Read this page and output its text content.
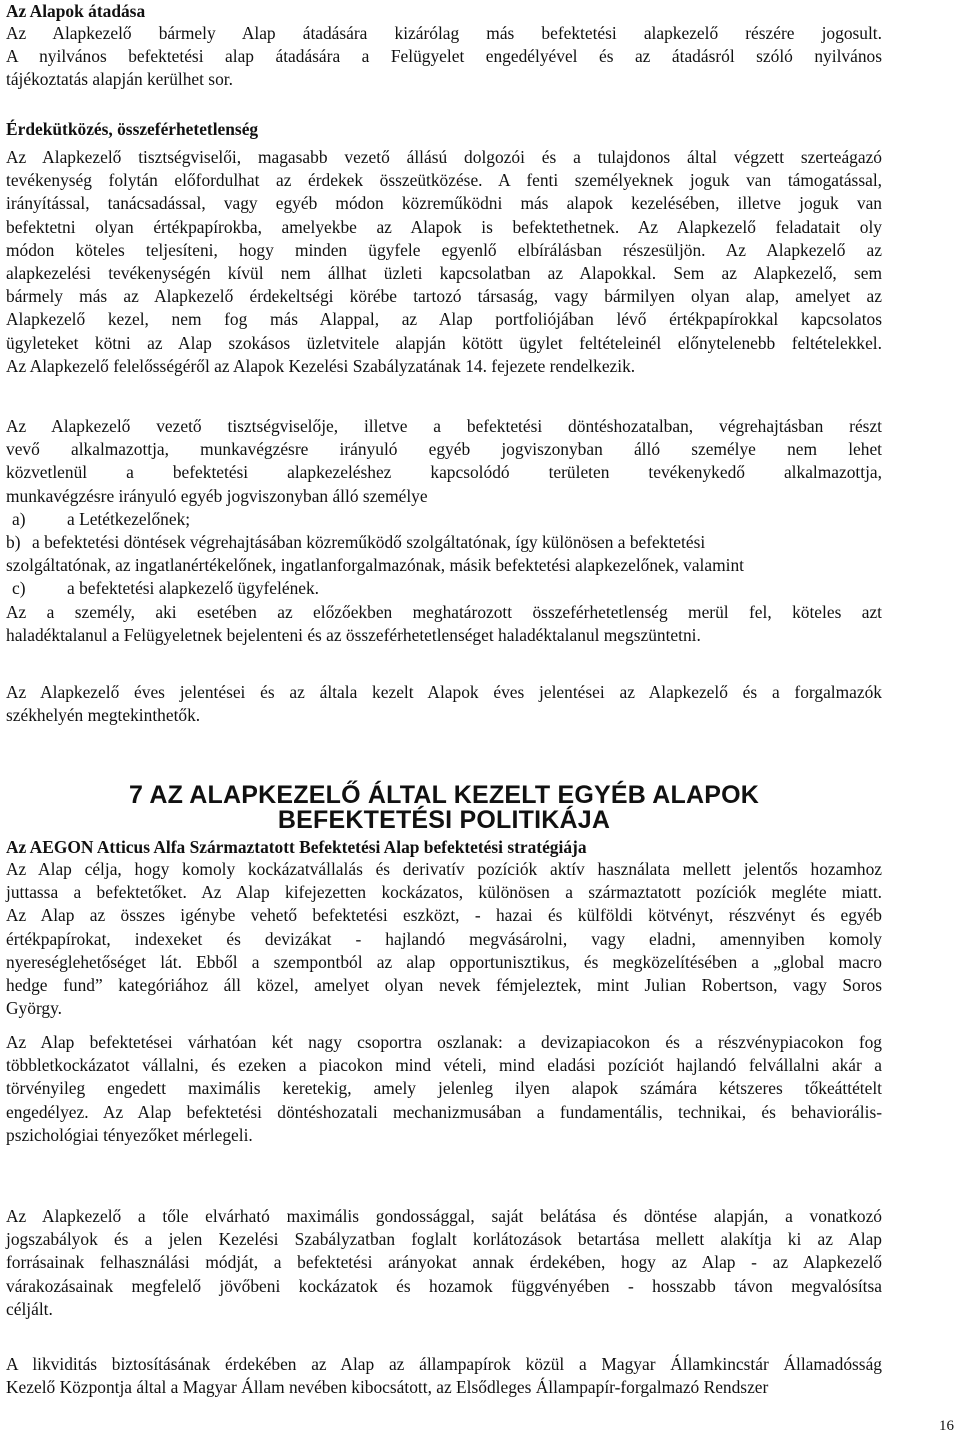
Az Alapok átadása
Az Alapkezelő bármely Alap átadására kizárólag más befektetési alapkezelő részére jogosult.
A nyilvános befektetési alap átadására a Felügyelet engedélyével és az átadásról szóló nyilvános
tájékoztatás alapján kerülhet sor.
Érdekütközés, összeférhetetlenség
Az Alapkezelő tisztségviselői, magasabb vezető állású dolgozói és a tulajdonos által végzett szerteágazó
tevékenység folytán előfordulhat az érdekek összeütközése. A fenti személyeknek joguk van támogatással,
irányítással, tanácsadással, vagy egyéb módon közreműködni más alapok kezelésében, illetve joguk van
befektetni olyan értékpapírokba, amelyekbe az Alapok is befektethetnek. Az Alapkezelő feladatait oly
módon köteles teljesíteni, hogy minden ügyfele egyenlő elbírálásban részesüljön. Az Alapkezelő az
alapkezelési tevékenységén kívül nem állhat üzleti kapcsolatban az Alapokkal. Sem az Alapkezelő, sem
bármely más az Alapkezelő érdekeltségi körébe tartozó társaság, vagy bármilyen olyan alap, amelyet az
Alapkezelő kezel, nem fog más Alappal, az Alap portfoliójában lévő értékpapírokkal kapcsolatos
ügyleteket kötni az Alap szokásos üzletvitele alapján kötött ügylet feltételeinél előnytelenebb feltételekkel.
Az Alapkezelő felelősségéről az Alapok Kezelési Szabályzatának 14. fejezete rendelkezik.
Az Alapkezelő vezető tisztségviselője, illetve a befektetési döntéshozatalban, végrehajtásban részt
vevő alkalmazottja, munkavégzésre irányuló egyéb jogviszonyban álló személye nem lehet
közvetlenül a befektetési alapkezeléshez kapcsolódó területen tevékenykedő alkalmazottja,
munkavégzésre irányuló egyéb jogviszonyban álló személye
a) a Letétkezelőnek;
b) a befektetési döntések végrehajtásában közreműködő szolgáltatónak, így különösen a befektetési
szolgáltatónak, az ingatlanértékelőnek, ingatlanforgalmazónak, másik befektetési alapkezelőnek, valamint
c) a befektetési alapkezelő ügyfelének.
Az a személy, aki esetében az előzőekben meghatározott összeférhetetlenség merül fel, köteles azt
haladéktalanul a Felügyeletnek bejelenteni és az összeférhetetlenséget haladéktalanul megszüntetni.
Az Alapkezelő éves jelentései és az általa kezelt Alapok éves jelentései az Alapkezelő és a forgalmazók
székhelyén megtekinthetők.
7 AZ ALAPKEZELŐ ÁLTAL KEZELT EGYÉB ALAPOK
BEFEKTETÉSI POLITIKÁJA
Az AEGON Atticus Alfa Származtatott Befektetési Alap befektetési stratégiája
Az Alap célja, hogy komoly kockázatvállalás és derivatív pozíciók aktív használata mellett jelentős hozamhoz
juttassa a befektetőket. Az Alap kifejezetten kockázatos, különösen a származtatott pozíciók megléte miatt.
Az Alap az összes igénybe vehető befektetési eszközt, - hazai és külföldi kötvényt, részvényt és egyéb
értékpapírokat, indexeket és devizákat - hajlandó megvásárolni, vagy eladni, amennyiben komoly
nyereséglehetőséget lát. Ebből a szempontból az alap opportunisztikus, és megközelítésében a „global macro
hedge fund” kategóriához áll közel, amelyet olyan nevek fémjeleztek, mint Julian Robertson, vagy Soros
György.
Az Alap befektetései várhatóan két nagy csoportra oszlanak: a devizapiacokon és a részvénypiacokon fog
többletkockázatot vállalni, és ezeken a piacokon mind vételi, mind eladási pozíciót hajlandó felvállalni akár a
törvényileg engedett maximális keretekig, amely jelenleg ilyen alapok számára kétszeres tőkeáttételt
engedélyez. Az Alap befektetési döntéshozatali mechanizmusában a fundamentális, technikai, és behaviorális-
pszichológiai tényezőket mérlegeli.
Az Alapkezelő a tőle elvárható maximális gondossággal, saját belátása és döntése alapján, a vonatkozó
jogszabályok és a jelen Kezelési Szabályzatban foglalt korlátozások betartása mellett alakítja ki az Alap
forrásainak felhasználási módját, a befektetési arányokat annak érdekében, hogy az Alap - az Alapkezelő
várakozásainak megfelelő jövőbeni kockázatok és hozamok függvényében - hosszabb távon megvalósítsa
céljált.
A likviditás biztosításának érdekében az Alap az állampapírok közül a Magyar Államkincstár Államadósság
Kezelő Központja által a Magyar Állam nevében kibocsátott, az Elsődleges Állampapír-forgalmazó Rendszer
16
